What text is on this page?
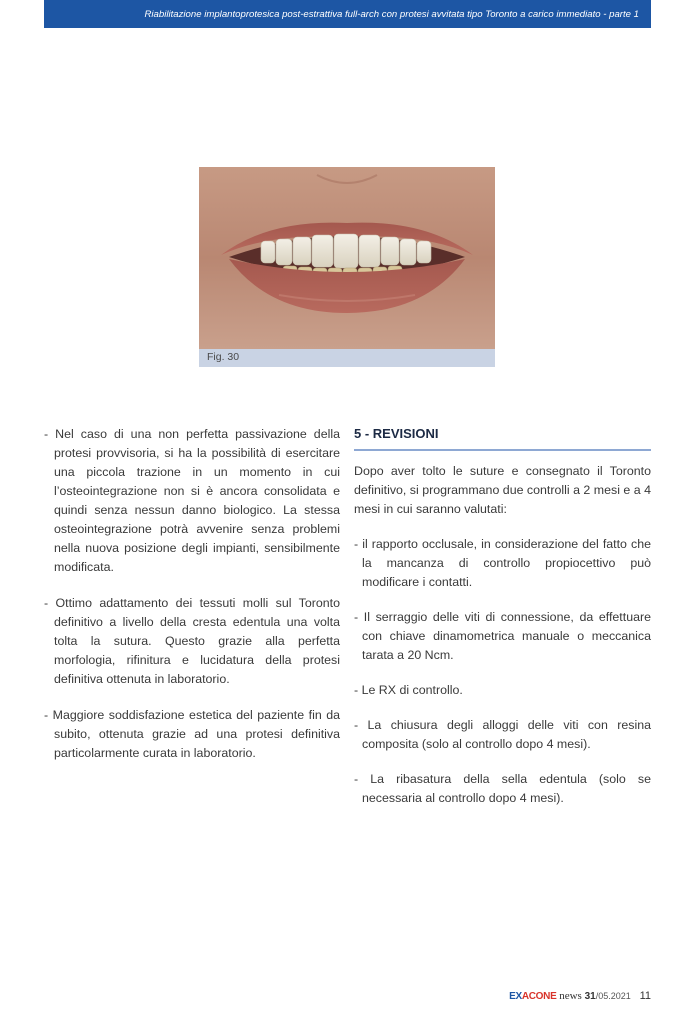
Riabilitazione implantoprotesica post-estrattiva full-arch con protesi avvitata tipo Toronto a carico immediato - parte 1
Fig. 30

- Nel caso di una non perfetta passivazione della protesi provvisoria, si ha la possibilità di esercitare una piccola trazione in un momento in cui l’osteointegrazione non si è ancora consolidata e quindi senza nessun danno biologico. La stessa osteointegrazione potrà avvenire senza problemi nella nuova posizione degli impianti, sensibilmente modificata.

- Ottimo adattamento dei tessuti molli sul Toronto definitivo a livello della cresta edentula una volta tolta la sutura. Questo grazie alla perfetta morfologia, rifinitura e lucidatura della protesi definitiva ottenuta in laboratorio.

- Maggiore soddisfazione estetica del paziente fin da subito, ottenuta grazie ad una protesi definitiva particolarmente curata in laboratorio.

5 - REVISIONI

Dopo aver tolto le suture e consegnato il Toronto definitivo, si programmano due controlli a 2 mesi e a 4 mesi in cui saranno valutati:

- il rapporto occlusale, in considerazione del fatto che la mancanza di controllo propiocettivo può modificare i contatti.

- Il serraggio delle viti di connessione, da effettuare con chiave dinamometrica manuale o meccanica tarata a 20 Ncm.

- Le RX di controllo.

- La chiusura degli alloggi delle viti con resina composita (solo al controllo dopo 4 mesi).

- La ribasatura della sella edentula (solo se necessaria al controllo dopo 4 mesi).

EXACONE news 31/05.2021 11
